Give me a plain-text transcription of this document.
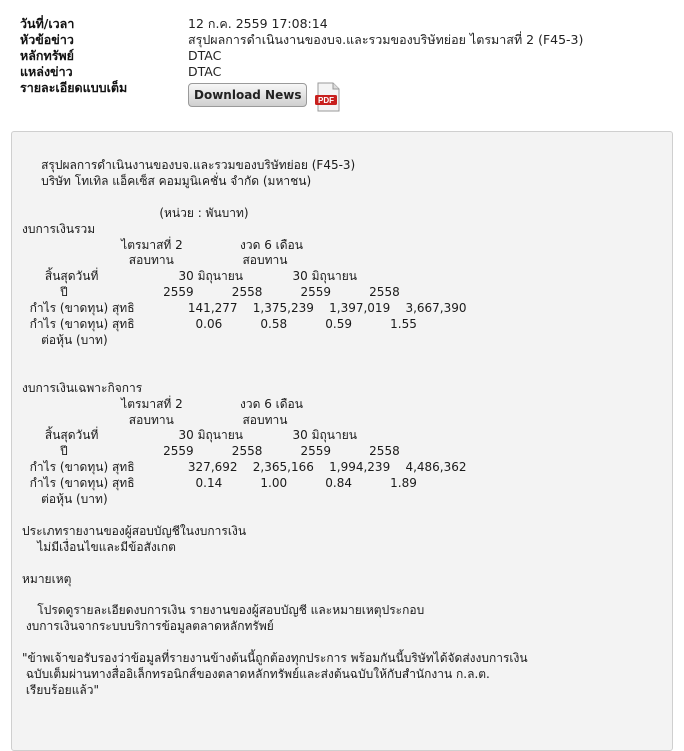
วันที่/เวลา	12 ก.ค. 2559 17:08:14
หัวข้อข่าว	สรุปผลการดำเนินงานของบจ.และรวมของบริษัทย่อย ไตรมาสที่ 2 (F45-3)
หลักทรัพย์	DTAC
แหล่งข่าว	DTAC
รายละเอียดแบบเต็ม	Download News PDF
สรุปผลการดำเนินงานของบจ.และรวมของบริษัทย่อย (F45-3)
บริษัท โทเทิล แอ็คเซ็ส คอมมูนิเคชั่น จำกัด (มหาชน)

(หน่วย : พันบาท)
งบการเงินรวม
ไตรมาสที่ 2               งวด 6 เดือน
สอบทาน                  สอบทาน
สิ้นสุดวันที่                     30 มิถุนายน             30 มิถุนายน
ปี                         2559          2558          2559          2558
กำไร (ขาดทุน) สุทธิ              141,277    1,375,239    1,397,019    3,667,390
กำไร (ขาดทุน) สุทธิ                0.06          0.58          0.59          1.55
ต่อหุ้น (บาท)

งบการเงินเฉพาะกิจการ
ไตรมาสที่ 2               งวด 6 เดือน
สอบทาน                  สอบทาน
สิ้นสุดวันที่                     30 มิถุนายน             30 มิถุนายน
ปี                         2559          2558          2559          2558
กำไร (ขาดทุน) สุทธิ              327,692    2,365,166    1,994,239    4,486,362
กำไร (ขาดทุน) สุทธิ                0.14          1.00          0.84          1.89
ต่อหุ้น (บาท)

ประเภทรายงานของผู้สอบบัญชีในงบการเงิน
ไม่มีเงื่อนไขและมีข้อสังเกต

หมายเหตุ

โปรดดูรายละเอียดงบการเงิน รายงานของผู้สอบบัญชี และหมายเหตุประกอบ
งบการเงินจากระบบบริการข้อมูลตลาดหลักทรัพย์

"ข้าพเจ้าขอรับรองว่าข้อมูลที่รายงานข้างต้นนี้ถูกต้องทุกประการ พร้อมกันนี้บริษัทได้จัดส่งงบการเงิน
ฉบับเต็มผ่านทางสื่ออิเล็กทรอนิกส์ของตลาดหลักทรัพย์และส่งต้นฉบับให้กับสำนักงาน ก.ล.ต.
เรียบร้อยแล้ว"
